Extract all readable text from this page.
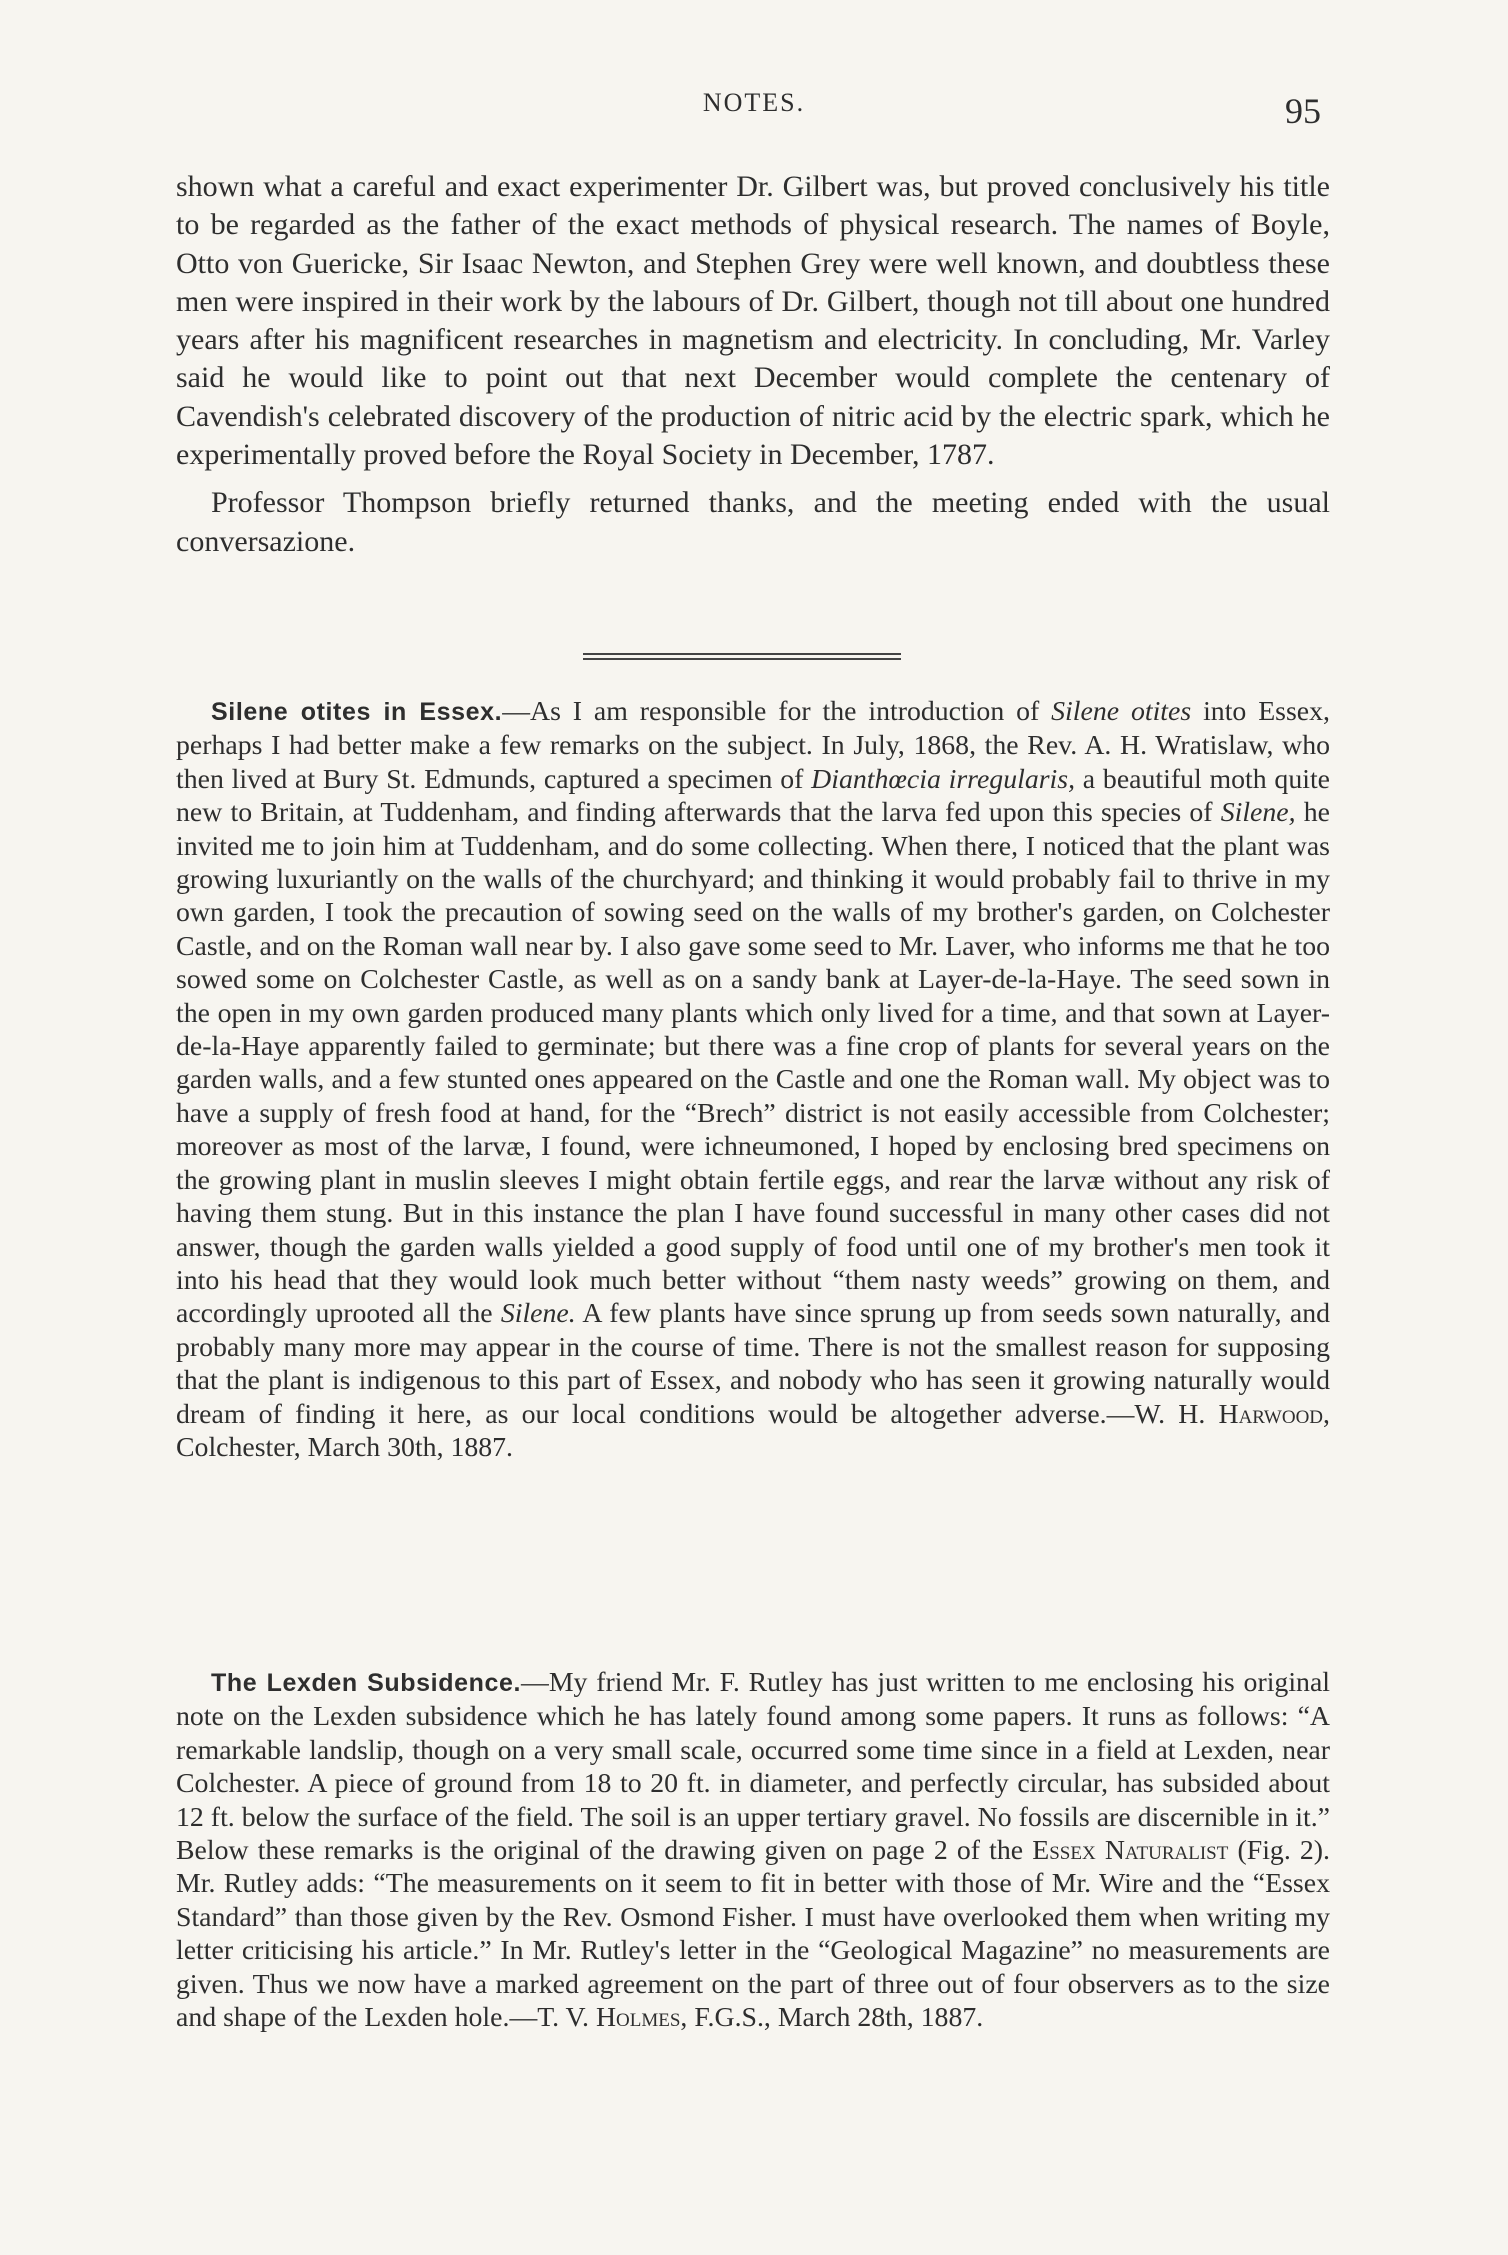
NOTES.	95

shown what a careful and exact experimenter Dr. Gilbert was, but proved conclusively his title to be regarded as the father of the exact methods of physical research. The names of Boyle, Otto von Guericke, Sir Isaac Newton, and Stephen Grey were well known, and doubtless these men were inspired in their work by the labours of Dr. Gilbert, though not till about one hundred years after his magnificent researches in magnetism and electricity. In concluding, Mr. Varley said he would like to point out that next December would complete the centenary of Cavendish's celebrated discovery of the production of nitric acid by the electric spark, which he experimentally proved before the Royal Society in December, 1787.

Professor Thompson briefly returned thanks, and the meeting ended with the usual conversazione.

Silene otites in Essex.—As I am responsible for the introduction of Silene otites into Essex, perhaps I had better make a few remarks on the subject. In July, 1868, the Rev. A. H. Wratislaw, who then lived at Bury St. Edmunds, captured a specimen of Dianthœcia irregularis, a beautiful moth quite new to Britain, at Tuddenham, and finding afterwards that the larva fed upon this species of Silene, he invited me to join him at Tuddenham, and do some collecting. When there, I noticed that the plant was growing luxuriantly on the walls of the churchyard; and thinking it would probably fail to thrive in my own garden, I took the precaution of sowing seed on the walls of my brother's garden, on Colchester Castle, and on the Roman wall near by. I also gave some seed to Mr. Laver, who informs me that he too sowed some on Colchester Castle, as well as on a sandy bank at Layer-de-la-Haye. The seed sown in the open in my own garden produced many plants which only lived for a time, and that sown at Layer-de-la-Haye apparently failed to germinate; but there was a fine crop of plants for several years on the garden walls, and a few stunted ones appeared on the Castle and one the Roman wall. My object was to have a supply of fresh food at hand, for the “Brech” district is not easily accessible from Colchester; moreover as most of the larvæ, I found, were ichneumoned, I hoped by enclosing bred specimens on the growing plant in muslin sleeves I might obtain fertile eggs, and rear the larvæ without any risk of having them stung. But in this instance the plan I have found successful in many other cases did not answer, though the garden walls yielded a good supply of food until one of my brother's men took it into his head that they would look much better without “them nasty weeds” growing on them, and accordingly uprooted all the Silene. A few plants have since sprung up from seeds sown naturally, and probably many more may appear in the course of time. There is not the smallest reason for supposing that the plant is indigenous to this part of Essex, and nobody who has seen it growing naturally would dream of finding it here, as our local conditions would be altogether adverse.—W. H. Harwood, Colchester, March 30th, 1887.

The Lexden Subsidence.—My friend Mr. F. Rutley has just written to me enclosing his original note on the Lexden subsidence which he has lately found among some papers. It runs as follows: “A remarkable landslip, though on a very small scale, occurred some time since in a field at Lexden, near Colchester. A piece of ground from 18 to 20 ft. in diameter, and perfectly circular, has subsided about 12 ft. below the surface of the field. The soil is an upper tertiary gravel. No fossils are discernible in it.” Below these remarks is the original of the drawing given on page 2 of the Essex Naturalist (Fig. 2). Mr. Rutley adds: “The measurements on it seem to fit in better with those of Mr. Wire and the “Essex Standard” than those given by the Rev. Osmond Fisher. I must have overlooked them when writing my letter criticising his article.” In Mr. Rutley's letter in the “Geological Magazine” no measurements are given. Thus we now have a marked agreement on the part of three out of four observers as to the size and shape of the Lexden hole.—T. V. Holmes, F.G.S., March 28th, 1887.
